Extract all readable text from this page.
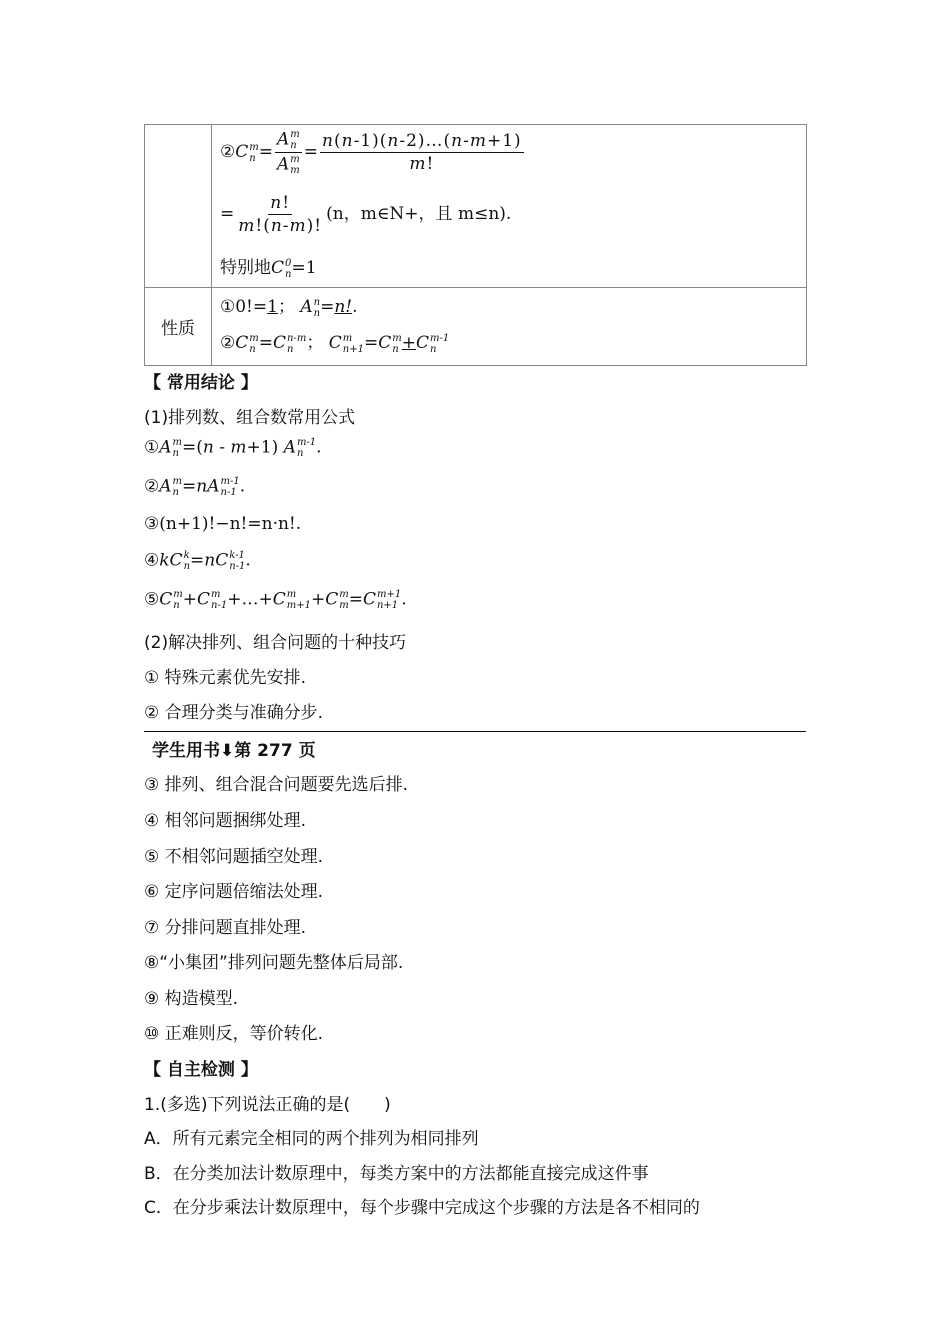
②C m
n = A m
n
A m
$m = \frac{n(n-1)(n-2)\dots(n-m+1)}{m!}$
= $\frac{n!}{m!(n-m)!} (n$，m∈N+，且 m≤n).
特别地C 0
n =1
性质
①0!=1； A n
n =n!.
②C m
n =C n-m
n ； C m
n+1 =C m
n +C m-1
n
【 常用结论 】
(1)排列数、组合数常用公式
①A m
n =(n - m+1) A m-1
n .
②A m
n =nA m-1
n-1 .
③(n+1)!−n!=n·n!.
④kC k
n =nC k-1
n-1 .
⑤C m
n +C m
n-1 +…+C m
m+1 +C m
m =C m+1
n+1 .
(2)解决排列、组合问题的十种技巧
① 特殊元素优先安排.
② 合理分类与准确分步.
学生用书⬇第 277 页
③ 排列、组合混合问题要先选后排.
④ 相邻问题捆绑处理.
⑤ 不相邻问题插空处理.
⑥ 定序问题倍缩法处理.
⑦ 分排问题直排处理.
⑧“小集团”排列问题先整体后局部.
⑨ 构造模型.
⑩ 正难则反，等价转化.
【 自主检测 】
1.(多选)下列说法正确的是(　　)
A．所有元素完全相同的两个排列为相同排列
B．在分类加法计数原理中，每类方案中的方法都能直接完成这件事
C．在分步乘法计数原理中，每个步骤中完成这个步骤的方法是各不相同的
